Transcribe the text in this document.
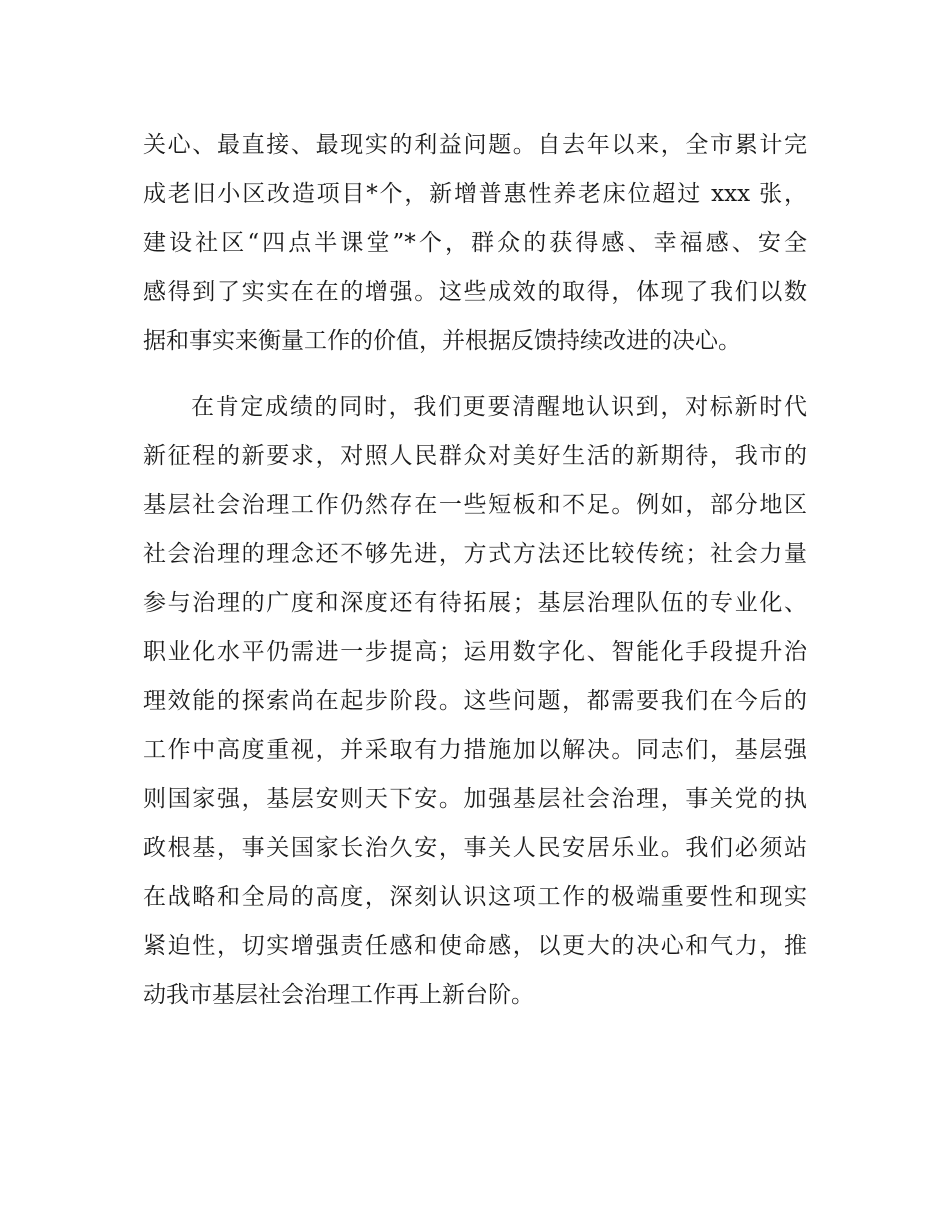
关心、最直接、最现实的利益问题。自去年以来，全市累计完
成老旧小区改造项目*个，新增普惠性养老床位超过 xxx 张，
建设社区“四点半课堂”*个，群众的获得感、幸福感、安全
感得到了实实在在的增强。这些成效的取得，体现了我们以数
据和事实来衡量工作的价值，并根据反馈持续改进的决心。
在肯定成绩的同时，我们更要清醒地认识到，对标新时代
新征程的新要求，对照人民群众对美好生活的新期待，我市的
基层社会治理工作仍然存在一些短板和不足。例如，部分地区
社会治理的理念还不够先进，方式方法还比较传统；社会力量
参与治理的广度和深度还有待拓展；基层治理队伍的专业化、
职业化水平仍需进一步提高；运用数字化、智能化手段提升治
理效能的探索尚在起步阶段。这些问题，都需要我们在今后的
工作中高度重视，并采取有力措施加以解决。同志们，基层强
则国家强，基层安则天下安。加强基层社会治理，事关党的执
政根基，事关国家长治久安，事关人民安居乐业。我们必须站
在战略和全局的高度，深刻认识这项工作的极端重要性和现实
紧迫性，切实增强责任感和使命感，以更大的决心和气力，推
动我市基层社会治理工作再上新台阶。
